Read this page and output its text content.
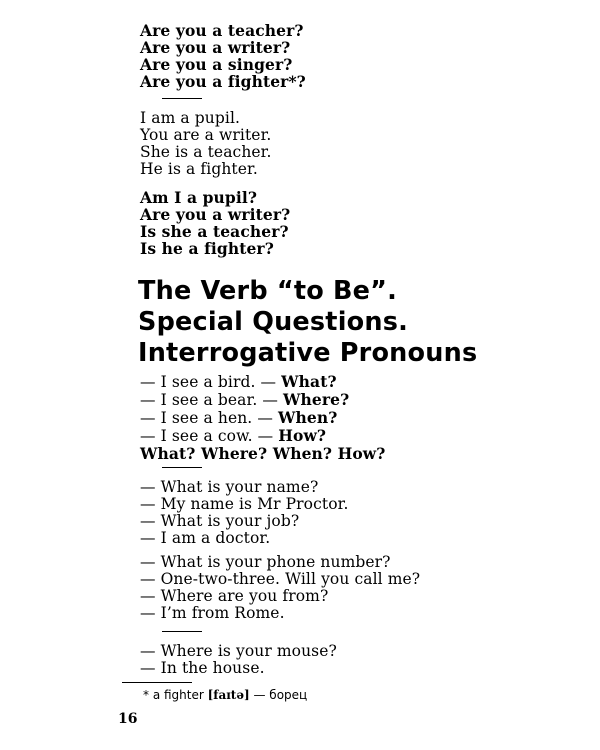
Are you a teacher?
Are you a writer?
Are you a singer?
Are you a fighter*?
I am a pupil.
You are a writer.
She is a teacher.
He is a fighter.
Am I a pupil?
Are you a writer?
Is she a teacher?
Is he a fighter?
The Verb “to Be”.
Special Questions.
Interrogative Pronouns
— I see a bird. — What?
— I see a bear. — Where?
— I see a hen. — When?
— I see a cow. — How?
What? Where? When? How?
— What is your name?
— My name is Mr Proctor.
— What is your job?
— I am a doctor.
— What is your phone number?
— One-two-three. Will you call me?
— Where are you from?
— I’m from Rome.
— Where is your mouse?
— In the house.
* a fighter [faɪtə] — борец
16
